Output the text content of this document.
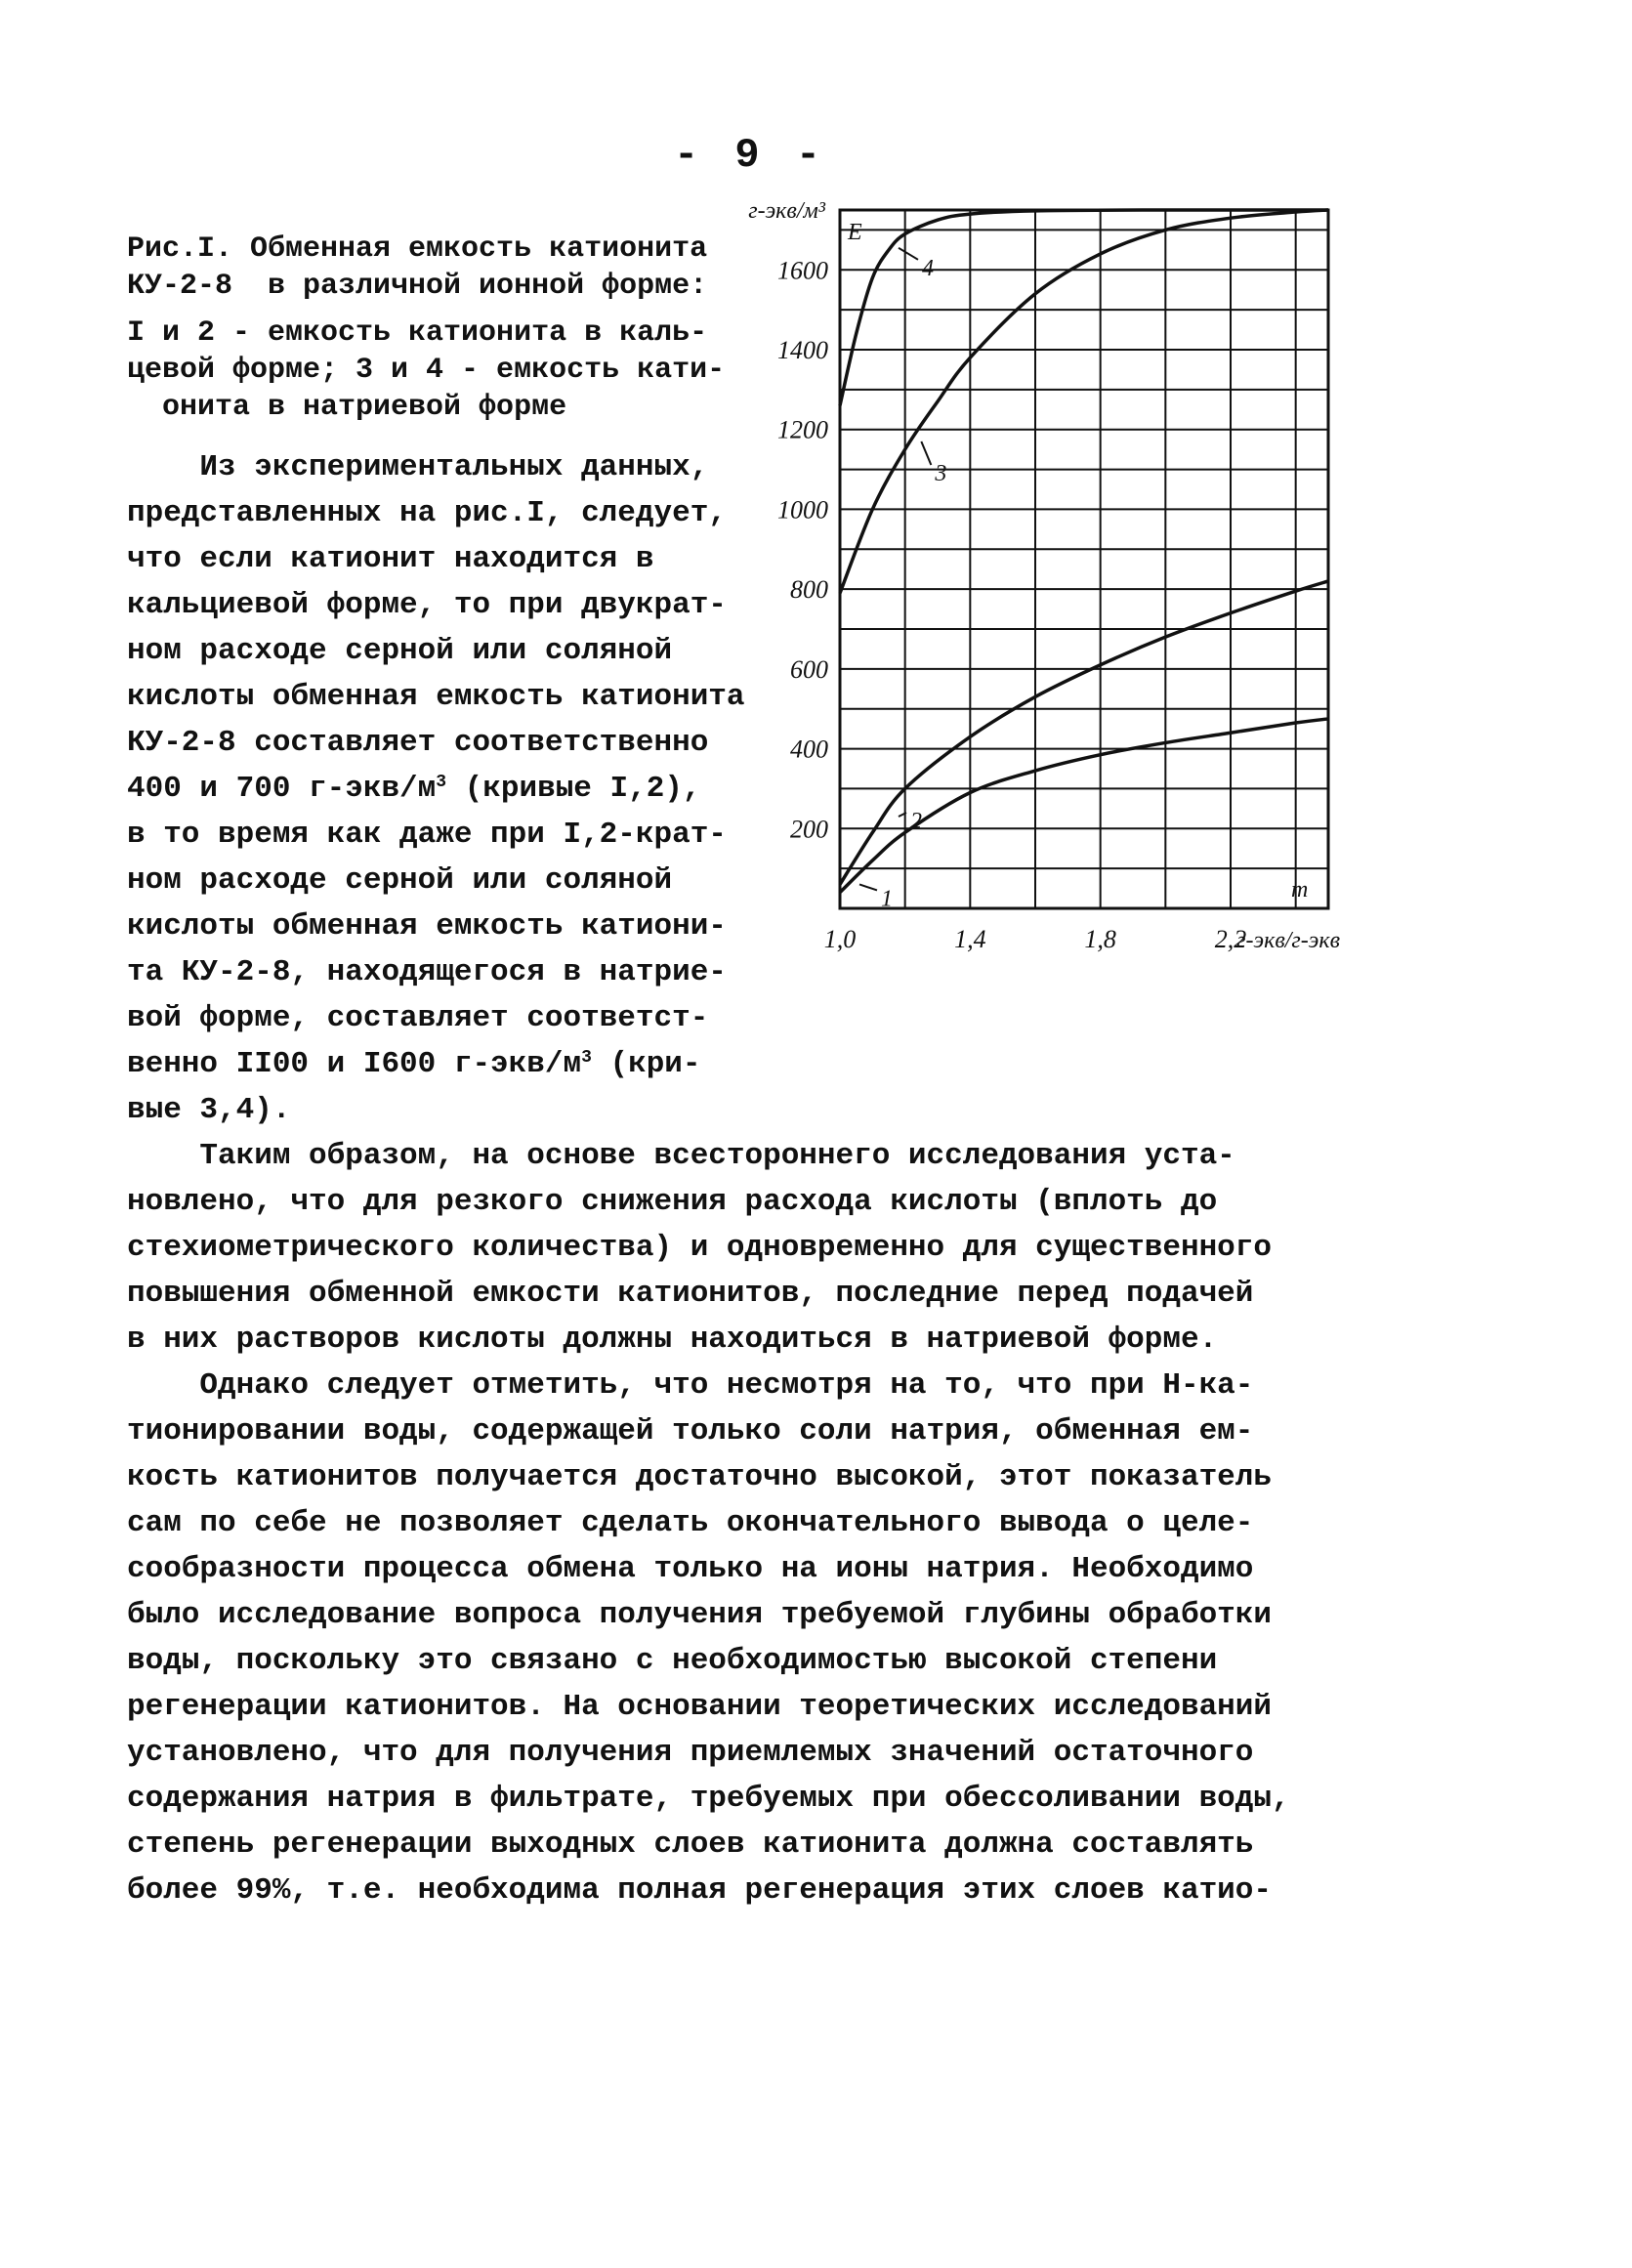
- 9 -
Рис.I. Обменная емкость катионита
КУ-2-8  в различной ионной форме:
I и 2 - емкость катионита в каль-
цевой форме; 3 и 4 - емкость кати-
онита в натриевой форме
Из экспериментальных данных,
представленных на рис.I, следует,
что если катионит находится в
кальциевой форме, то при двукрат-
ном расходе серной или соляной
кислоты обменная емкость катионита
КУ-2-8 составляет соответственно
400 и 700 $г-экв/м^3$ (кривые I,2),
в то время как даже при I,2-крат-
ном расходе серной или соляной
кислоты обменная емкость катиони-
та КУ-2-8, находящегося в натрие-
вой форме, составляет соответст-
венно II00 и I600 $г-экв/м^3$ (кри-
вые 3,4).
Таким образом, на основе всестороннего исследования уста-
новлено, что для резкого снижения расхода кислоты (вплоть до
стехиометрического количества) и одновременно для существенного
повышения обменной емкости катионитов, последние перед подачей
в них растворов кислоты должны находиться в натриевой форме.
Однако следует отметить, что несмотря на то, что при Н-ка-
тионировании воды, содержащей только соли натрия, обменная ем-
кость катионитов получается достаточно высокой, этот показатель
сам по себе не позволяет сделать окончательного вывода о целе-
сообразности процесса обмена только на ионы натрия. Необходимо
было исследование вопроса получения требуемой глубины обработки
воды, поскольку это связано с необходимостью высокой степени
регенерации катионитов. На основании теоретических исследований
установлено, что для получения приемлемых значений остаточного
содержания натрия в фильтрате, требуемых при обессоливании воды,
степень регенерации выходных слоев катионита должна составлять
более 99%, т.е. необходима полная регенерация этих слоев катио-
200
400
600
800
1000
1200
1400
1600
1,0	1,4	1,8	2,2
г-экв/м³
E
г-экв/г-экв
m
1
2
3
4
